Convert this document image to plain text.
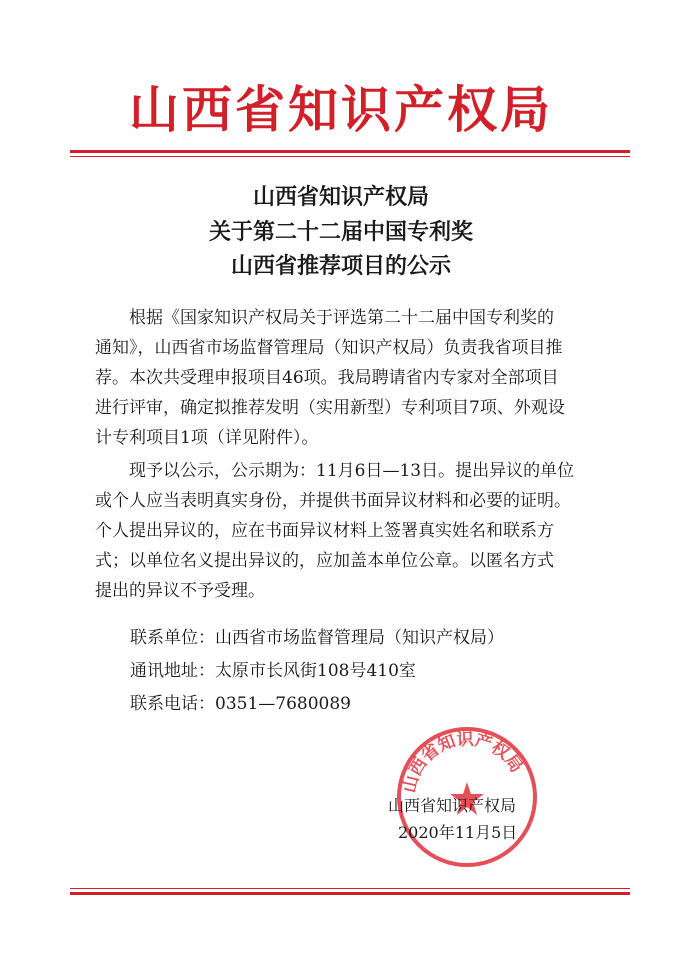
山西省知识产权局
山西省知识产权局
关于第二十二届中国专利奖
山西省推荐项目的公示
根据《国家知识产权局关于评选第二十二届中国专利奖的
通知》，山西省市场监督管理局（知识产权局）负责我省项目推
荐。本次共受理申报项目46项。我局聘请省内专家对全部项目
进行评审，确定拟推荐发明（实用新型）专利项目7项、外观设
计专利项目1项（详见附件）。
现予以公示，公示期为：11月6日—13日。提出异议的单位
或个人应当表明真实身份，并提供书面异议材料和必要的证明。
个人提出异议的，应在书面异议材料上签署真实姓名和联系方
式；以单位名义提出异议的，应加盖本单位公章。以匿名方式
提出的异议不予受理。
联系单位：山西省市场监督管理局（知识产权局）
通讯地址：太原市长风街108号410室
联系电话：0351—7680089
山西省知识产权局
山西省知识产权局
2020年11月5日
